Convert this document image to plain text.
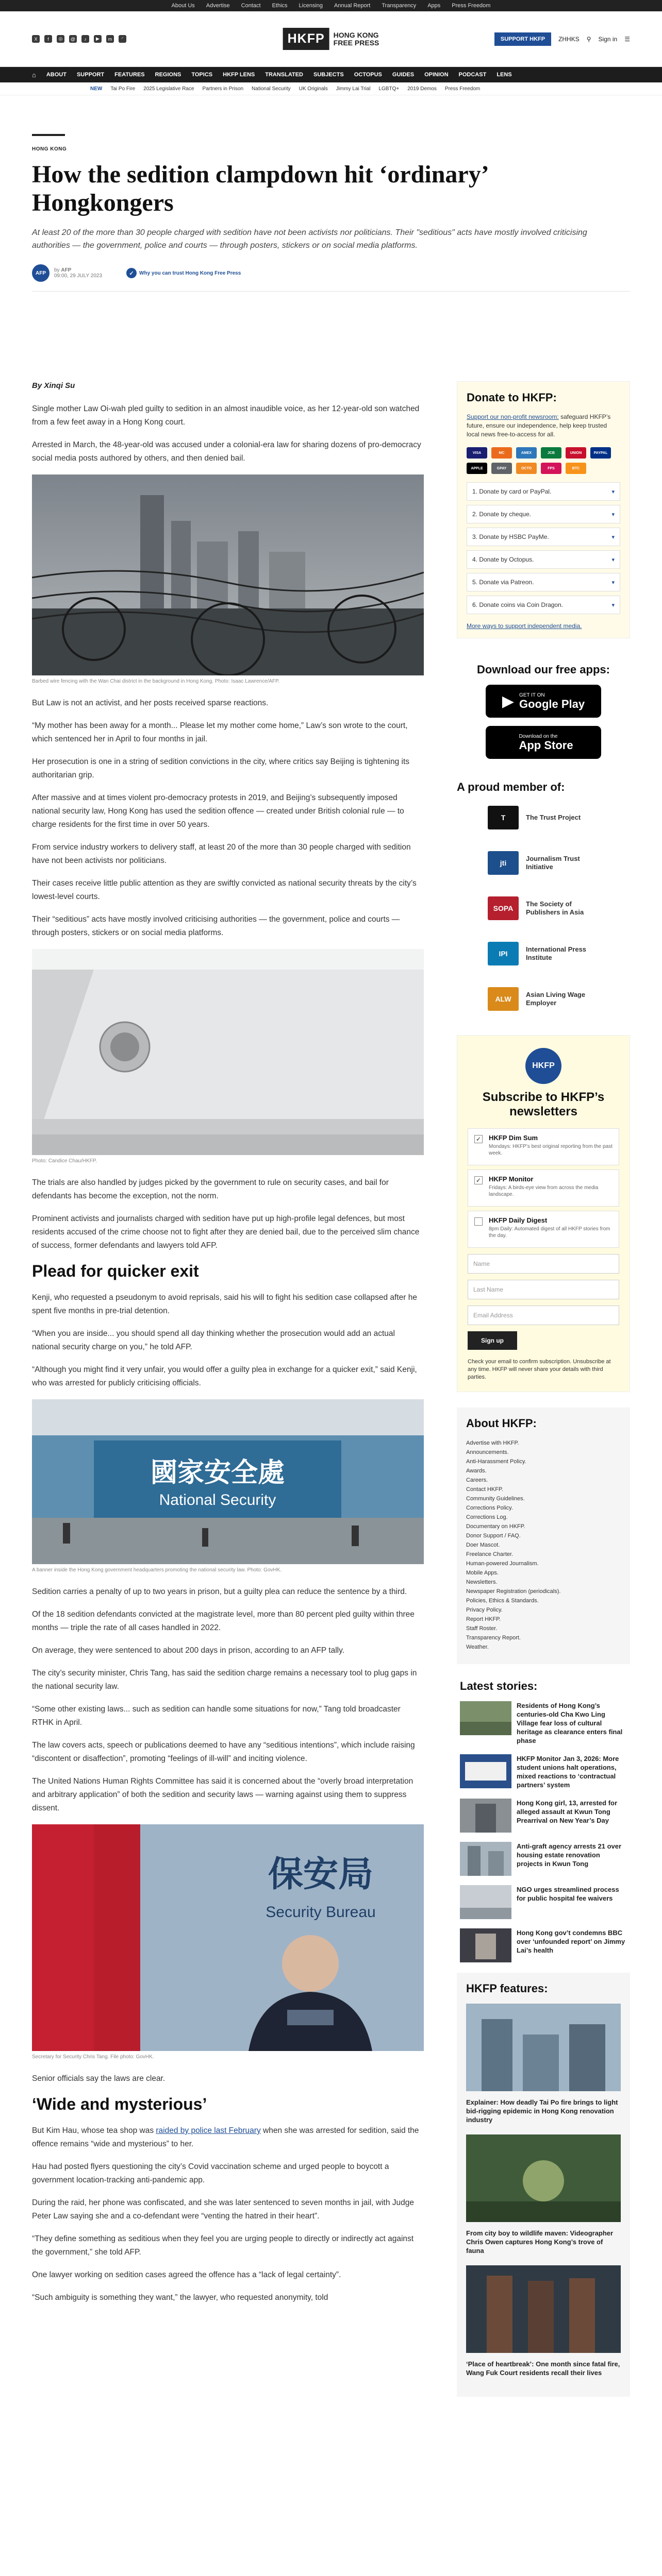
About Us Advertise Contact Ethics Licensing Annual Report Transparency Apps Press Freedom
X	f	◎	@	♪	▶	m	◜	HKFP	HONG KONG
FREE PRESS	SUPPORT HKFP	ZHHKS ⚲ Sign in ☰
⌂ ABOUT SUPPORT FEATURES REGIONS TOPICS HKFP LENS TRANSLATED SUBJECTS OCTOPUS GUIDES OPINION PODCAST LENS
NEW Tai Po Fire 2025 Legislative Race Partners in Prison National Security UK Originals Jimmy Lai Trial LGBTQ+ 2019 Demos Press Freedom
HONG KONG
How the sedition clampdown hit ‘ordinary’ Hongkongers
At least 20 of the more than 30 people charged with sedition have not been activists nor politicians. Their "seditious" acts have mostly involved criticising authorities — the government, police and courts — through posters, stickers or on social media platforms.
AFP	by AFP
09:00, 29 JULY 2023	✓	Why you can trust Hong Kong Free Press
By Xinqi Su

Single mother Law Oi-wah pled guilty to sedition in an almost inaudible voice, as her 12-year-old son watched from a few feet away in a Hong Kong court.

Arrested in March, the 48-year-old was accused under a colonial-era law for sharing dozens of pro-democracy social media posts authored by others, and then denied bail.

Barbed wire fencing with the Wan Chai district in the background in Hong Kong. Photo: Isaac Lawrence/AFP.

But Law is not an activist, and her posts received sparse reactions.

“My mother has been away for a month... Please let my mother come home,” Law’s son wrote to the court, which sentenced her in April to four months in jail.

Her prosecution is one in a string of sedition convictions in the city, where critics say Beijing is tightening its authoritarian grip.

After massive and at times violent pro-democracy protests in 2019, and Beijing’s subsequently imposed national security law, Hong Kong has used the sedition offence — created under British colonial rule — to charge residents for the first time in over 50 years.

From service industry workers to delivery staff, at least 20 of the more than 30 people charged with sedition have not been activists nor politicians.

Their cases receive little public attention as they are swiftly convicted as national security threats by the city’s lowest-level courts.

Their “seditious” acts have mostly involved criticising authorities — the government, police and courts — through posters, stickers or on social media platforms.

Photo: Candice Chau/HKFP.

The trials are also handled by judges picked by the government to rule on security cases, and bail for defendants has become the exception, not the norm.

Prominent activists and journalists charged with sedition have put up high-profile legal defences, but most residents accused of the crime choose not to fight after they are denied bail, due to the perceived slim chance of success, former defendants and lawyers told AFP.

Plead for quicker exit

Kenji, who requested a pseudonym to avoid reprisals, said his will to fight his sedition case collapsed after he spent five months in pre-trial detention.

“When you are inside... you should spend all day thinking whether the prosecution would add an actual national security charge on you,” he told AFP.

“Although you might find it very unfair, you would offer a guilty plea in exchange for a quicker exit,” said Kenji, who was arrested for publicly criticising officials.

國家安全處
National Security
A banner inside the Hong Kong government headquarters promoting the national security law. Photo: GovHK.

Sedition carries a penalty of up to two years in prison, but a guilty plea can reduce the sentence by a third.

Of the 18 sedition defendants convicted at the magistrate level, more than 80 percent pled guilty within three months — triple the rate of all cases handled in 2022.

On average, they were sentenced to about 200 days in prison, according to an AFP tally.

The city’s security minister, Chris Tang, has said the sedition charge remains a necessary tool to plug gaps in the national security law.

“Some other existing laws... such as sedition can handle some situations for now,” Tang told broadcaster RTHK in April.

The law covers acts, speech or publications deemed to have any “seditious intentions”, which include raising “discontent or disaffection”, promoting “feelings of ill-will” and inciting violence.

The United Nations Human Rights Committee has said it is concerned about the “overly broad interpretation and arbitrary application” of both the sedition and security laws — warning against using them to suppress dissent.

保安局
Security Bureau
Secretary for Security Chris Tang. File photo: GovHK.

Senior officials say the laws are clear.

‘Wide and mysterious’

But Kim Hau, whose tea shop was raided by police last February when she was arrested for sedition, said the offence remains “wide and mysterious” to her.

Hau had posted flyers questioning the city’s Covid vaccination scheme and urged people to boycott a government location-tracking anti-pandemic app.

During the raid, her phone was confiscated, and she was later sentenced to seven months in jail, with Judge Peter Law saying she and a co-defendant were “venting the hatred in their heart”.

“They define something as seditious when they feel you are urging people to directly or indirectly act against the government,” she told AFP.

One lawyer working on sedition cases agreed the offence has a “lack of legal certainty”.

“Such ambiguity is something they want,” the lawyer, who requested anonymity, told

Donate to HKFP:
Support our non-profit newsroom: safeguard HKFP’s future, ensure our independence, help keep trusted local news free-to-access for all.
VISA	MC	AMEX	JCB	UNION	PAYPAL
APPLE	GPAY	OCTO	FPS	BTC
1. Donate by card or PayPal.	▾
2. Donate by cheque.	▾
3. Donate by HSBC PayMe.	▾
4. Donate by Octopus.	▾
5. Donate via Patreon.	▾
6. Donate coins via Coin Dragon.	▾
More ways to support independent media.
Download our free apps:
▶ GET IT ON
Google Play
Download on the
App Store
A proud member of:
T	The Trust Project
jti
Journalism Trust Initiative
SOPA
The Society of Publishers in Asia
IPI
International Press Institute
ALW
Asian Living Wage Employer
HKFP
Subscribe to HKFP’s newsletters
✓ HKFP Dim Sum
Mondays: HKFP’s best original reporting from the past week.
✓ HKFP Monitor
Fridays: A birds-eye view from across the media landscape.
HKFP Daily Digest
8pm Daily: Automated digest of all HKFP stories from the day.
Name
Last Name
Email Address
Sign up
Check your email to confirm subscription. Unsubscribe at any time. HKFP will never share your details with third parties.
About HKFP:
Advertise with HKFP.
Announcements.
Anti-Harassment Policy.
Awards.
Careers.
Contact HKFP.
Community Guidelines.
Corrections Policy.
Corrections Log.
Documentary on HKFP.
Donor Support / FAQ.
Doer Mascot.
Freelance Charter.
Human-powered Journalism.
Mobile Apps.
Newsletters.
Newspaper Registration (periodicals).
Policies, Ethics & Standards.
Privacy Policy.
Report HKFP.
Staff Roster.
Transparency Report.
Weather.
Latest stories:
Residents of Hong Kong’s centuries-old Cha Kwo Ling Village fear loss of cultural heritage as clearance enters final phase
HKFP Monitor Jan 3, 2026: More student unions halt operations, mixed reactions to ‘contractual partners’ system
Hong Kong girl, 13, arrested for alleged assault at Kwun Tong Prearrival on New Year’s Day
Anti-graft agency arrests 21 over housing estate renovation projects in Kwun Tong
NGO urges streamlined process for public hospital fee waivers
Hong Kong gov’t condemns BBC over ‘unfounded report’ on Jimmy Lai’s health
HKFP features:
Explainer: How deadly Tai Po fire brings to light bid-rigging epidemic in Hong Kong renovation industry
From city boy to wildlife maven: Videographer Chris Owen captures Hong Kong’s trove of fauna
‘Place of heartbreak’: One month since fatal fire, Wang Fuk Court residents recall their lives
